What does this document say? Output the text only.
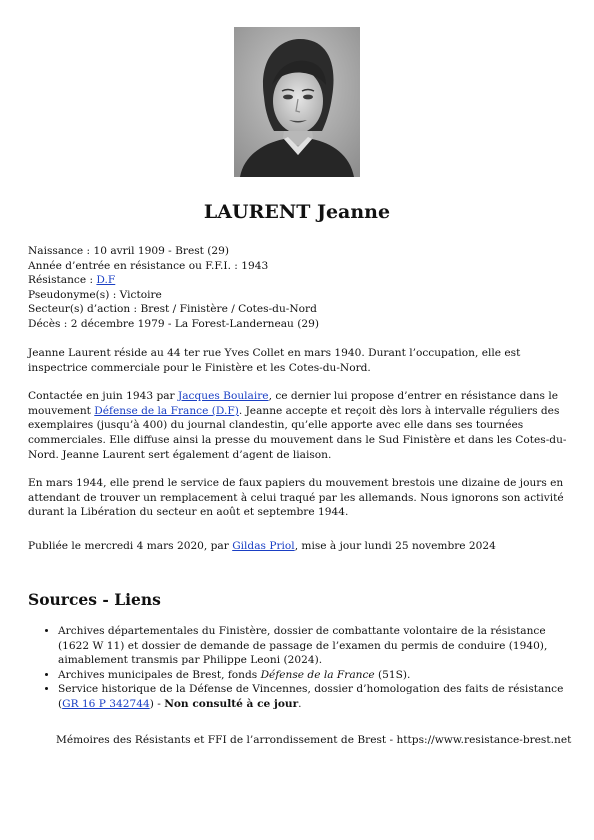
LAURENT Jeanne
Naissance : 10 avril 1909 - Brest (29)
Année d’entrée en résistance ou F.F.I. : 1943
Résistance : D.F
Pseudonyme(s) : Victoire
Secteur(s) d’action : Brest / Finistère / Cotes-du-Nord
Décès : 2 décembre 1979 - La Forest-Landerneau (29)

Jeanne Laurent réside au 44 ter rue Yves Collet en mars 1940. Durant l’occupation, elle est inspectrice commerciale pour le Finistère et les Cotes-du-Nord.

Contactée en juin 1943 par Jacques Boulaire, ce dernier lui propose d’entrer en résistance dans le mouvement Défense de la France (D.F). Jeanne accepte et reçoit dès lors à intervalle réguliers des exemplaires (jusqu’à 400) du journal clandestin, qu’elle apporte avec elle dans ses tournées commerciales. Elle diffuse ainsi la presse du mouvement dans le Sud Finistère et dans les Cotes-du-Nord. Jeanne Laurent sert également d’agent de liaison.

En mars 1944, elle prend le service de faux papiers du mouvement brestois une dizaine de jours en attendant de trouver un remplacement à celui traqué par les allemands. Nous ignorons son activité durant la Libération du secteur en août et septembre 1944.

Publiée le mercredi 4 mars 2020, par Gildas Priol, mise à jour lundi 25 novembre 2024
Sources - Liens
• Archives départementales du Finistère, dossier de combattante volontaire de la résistance (1622 W 11) et dossier de demande de passage de l’examen du permis de conduire (1940), aimablement transmis par Philippe Leoni (2024).
• Archives municipales de Brest, fonds Défense de la France (51S).
• Service historique de la Défense de Vincennes, dossier d’homologation des faits de résistance (GR 16 P 342744) - Non consulté à ce jour.
Mémoires des Résistants et FFI de l’arrondissement de Brest - https://www.resistance-brest.net
